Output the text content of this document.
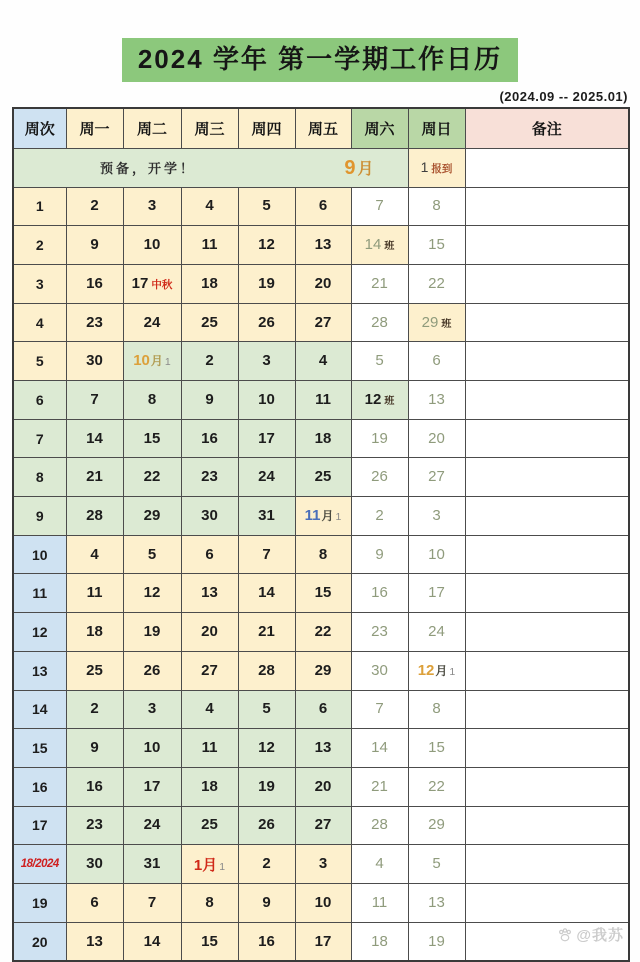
2024 学年 第一学期工作日历
(2024.09 -- 2025.01)
周次	周一	周二	周三	周四	周五	周六	周日	备注

预备，开学！ 9 月							1 报到	
1	2	3	4	5	6	7	8	
2	9	10	11	12	13	14 班	15	
3	16	17 中秋	18	19	20	21	22	
4	23	24	25	26	27	28	29 班	
5	30	10月 1	2	3	4	5	6	
6	7	8	9	10	11	12 班	13	
7	14	15	16	17	18	19	20	
8	21	22	23	24	25	26	27	
9	28	29	30	31	11月 1	2	3	
10	4	5	6	7	8	9	10	
11	11	12	13	14	15	16	17	
12	18	19	20	21	22	23	24	
13	25	26	27	28	29	30	12月 1	
14	2	3	4	5	6	7	8	
15	9	10	11	12	13	14	15	
16	16	17	18	19	20	21	22	
17	23	24	25	26	27	28	29	
18/2024	30	31	1月 1	2	3	4	5	
19	6	7	8	9	10	11	13	
20	13	14	15	16	17	18	19		@我苏
